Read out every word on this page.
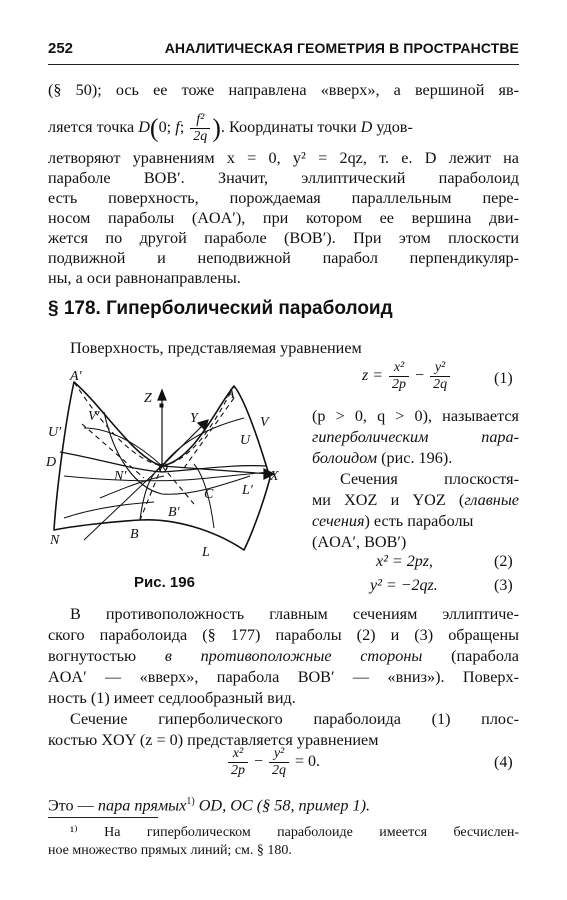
252	АНАЛИТИЧЕСКАЯ ГЕОМЕТРИЯ В ПРОСТРАНСТВЕ
(§ 50); ось ее тоже направлена «вверх», а вершиной яв-
ляется точка D(0; f; $\frac{\text{f²}}{2q}$ ). Координаты точки D удов-
летворяют уравнениям x = 0, y² = 2qz, т. е. D лежит на
параболе BOB′. Значит, эллиптический параболоид
есть поверхность, порождаемая параллельным пере-
носом параболы (AOA′), при котором ее вершина дви-
жется по другой параболе (BOB′). При этом плоскости
подвижной и неподвижной парабол перпендикуляр-
ны, а оси равнонаправлены.
§ 178. Гиперболический параболоид
Поверхность, представляемая уравнением
$z = \frac{\text{x²}}{2p} - \frac{\text{y²}}{2q}$	(1)
A′
A
Z
Y	V
V′
U
U′
D
X
N′
O
C L′
B′
N	B
L
Рис. 196
(p > 0, q > 0), называется
гиперболическим пара-
болоидом (рис. 196).
Сечения плоскостя-
ми XOZ и YOZ (главные
сечения) есть параболы
(AOA′, BOB′)
x² = 2pz,	(2)
y² = −2qz.	(3)
В противоположность главным сечениям эллиптиче-
ского параболоида (§ 177) параболы (2) и (3) обращены
вогнутостью в противоположные стороны (парабола
AOA′ — «вверх», парабола BOB′ — «вниз»). Поверх-
ность (1) имеет седлообразный вид.
Сечение гиперболического параболоида (1) плос-
костью XOY (z = 0) представляется уравнением
$\frac{\text{x²}}{2p} - \frac{\text{y²}}{2q} = 0$.	(4)
Это — пара прямых$^{1)}$ OD, OC (§ 58, пример 1).
¹⁾ На гиперболическом параболоиде имеется бесчислен-
ное множество прямых линий; см. § 180.
